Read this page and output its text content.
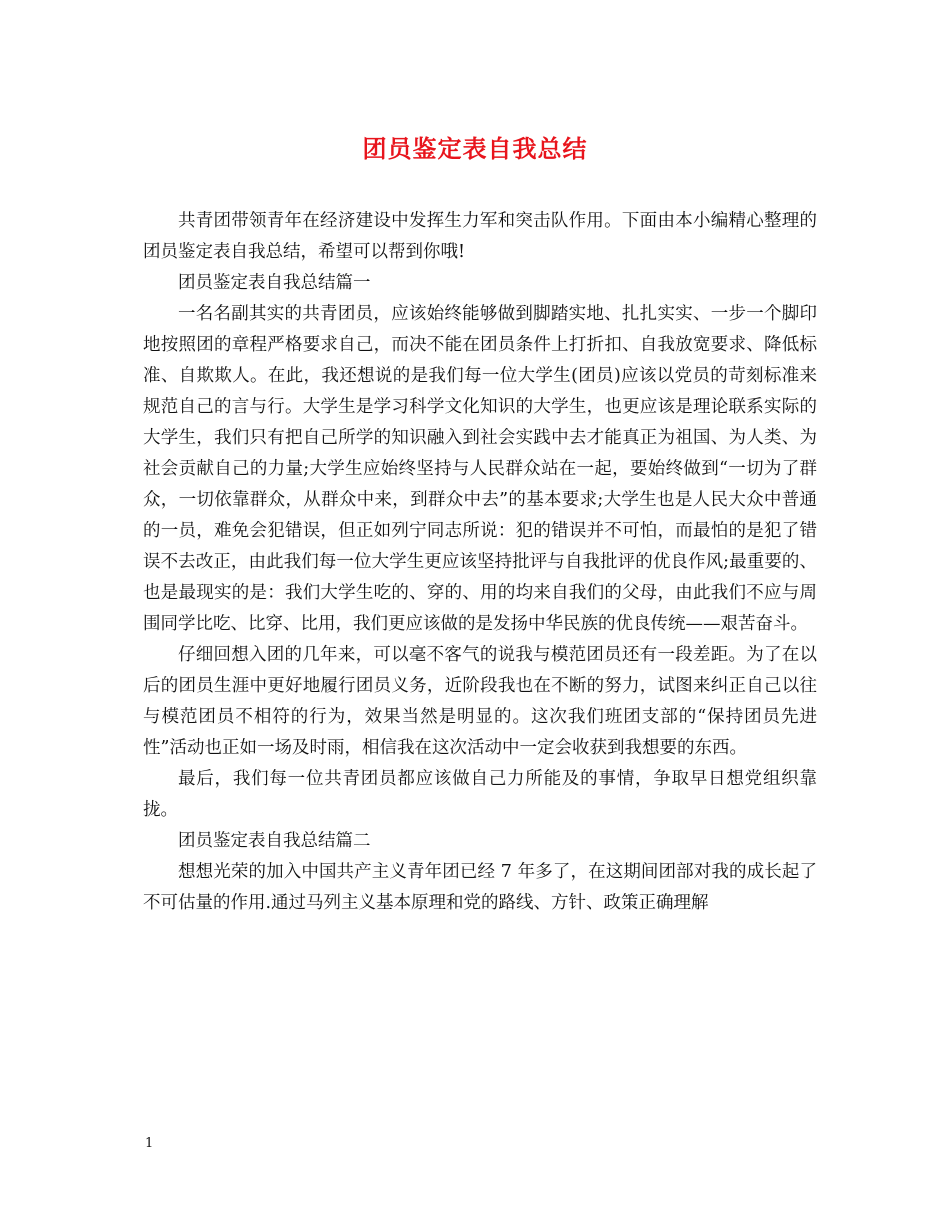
团员鉴定表自我总结

共青团带领青年在经济建设中发挥生力军和突击队作用。下面由本小编精心整理的团员鉴定表自我总结，希望可以帮到你哦!

团员鉴定表自我总结篇一

一名名副其实的共青团员，应该始终能够做到脚踏实地、扎扎实实、一步一个脚印地按照团的章程严格要求自己，而决不能在团员条件上打折扣、自我放宽要求、降低标准、自欺欺人。在此，我还想说的是我们每一位大学生(团员)应该以党员的苛刻标准来规范自己的言与行。大学生是学习科学文化知识的大学生，也更应该是理论联系实际的大学生，我们只有把自己所学的知识融入到社会实践中去才能真正为祖国、为人类、为社会贡献自己的力量;大学生应始终坚持与人民群众站在一起，要始终做到“一切为了群众，一切依靠群众，从群众中来，到群众中去”的基本要求;大学生也是人民大众中普通的一员，难免会犯错误，但正如列宁同志所说：犯的错误并不可怕，而最怕的是犯了错误不去改正，由此我们每一位大学生更应该坚持批评与自我批评的优良作风;最重要的、也是最现实的是：我们大学生吃的、穿的、用的均来自我们的父母，由此我们不应与周围同学比吃、比穿、比用，我们更应该做的是发扬中华民族的优良传统——艰苦奋斗。

仔细回想入团的几年来，可以毫不客气的说我与模范团员还有一段差距。为了在以后的团员生涯中更好地履行团员义务，近阶段我也在不断的努力，试图来纠正自己以往与模范团员不相符的行为，效果当然是明显的。这次我们班团支部的“保持团员先进性”活动也正如一场及时雨，相信我在这次活动中一定会收获到我想要的东西。

最后，我们每一位共青团员都应该做自己力所能及的事情，争取早日想党组织靠拢。

团员鉴定表自我总结篇二

想想光荣的加入中国共产主义青年团已经 7 年多了，在这期间团部对我的成长起了不可估量的作用.通过马列主义基本原理和党的路线、方针、政策正确理解

1
